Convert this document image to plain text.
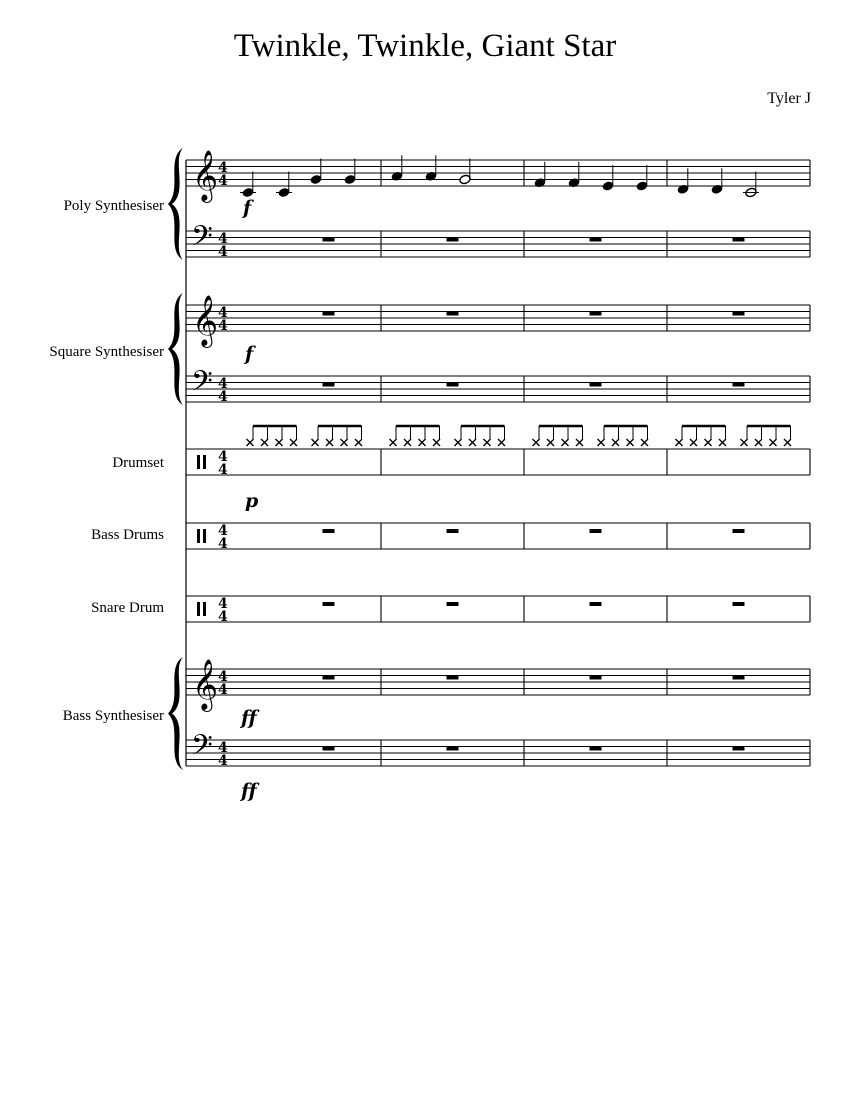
Twinkle, Twinkle, Giant Star
Tyler J
Poly Synthesiser
Square Synthesiser
Drumset
Bass Drums
Snare Drum
Bass Synthesiser
𝄞
𝄢
4
4
4
4
f
𝄞
𝄢
4
4
4
4
f
4
4
p
4
4
4
4
𝄞
𝄢
4
4
4
4
ff
ff
